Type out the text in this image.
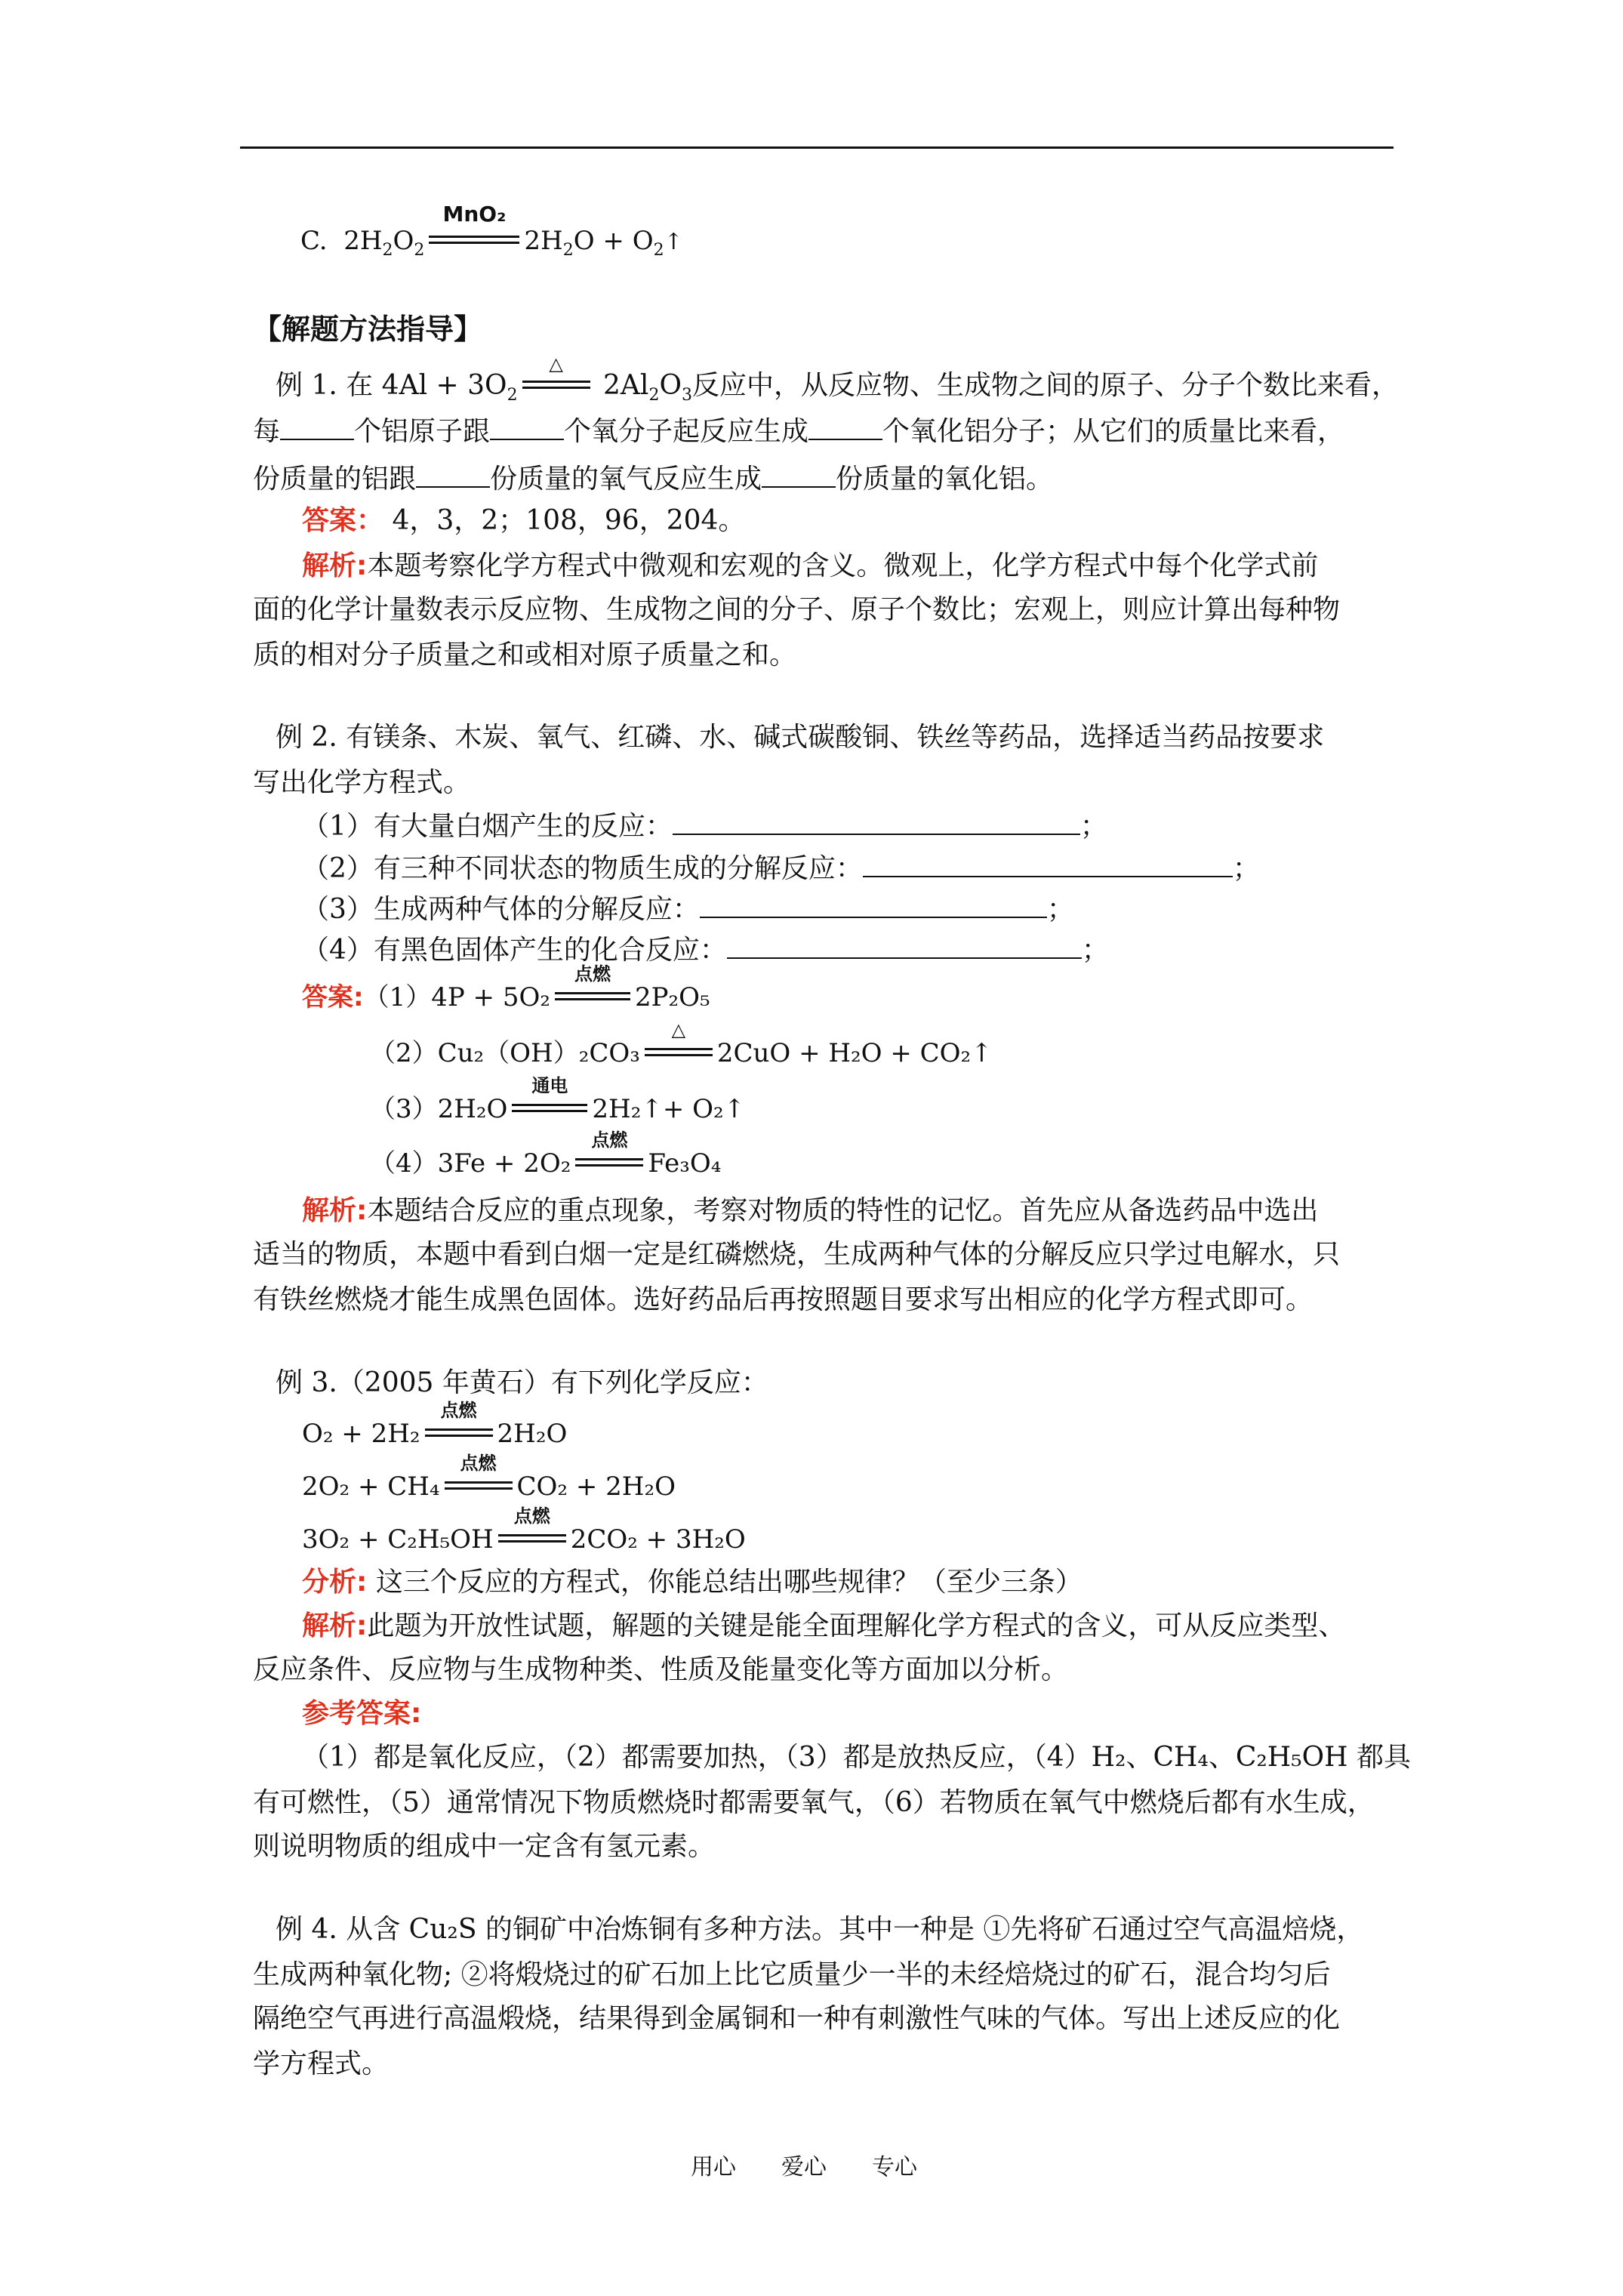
C. $2H_2O_2$
MnO₂
$2H_2O$ + $O_2↑$
【解题方法指导】
例 1. 在 $4Al + 3O_2$
△
$2Al_2O_3$反应中，从反应物、生成物之间的原子、分子个数比来看，
每	个铝原子跟	个氧分子起反应生成	个氧化铝分子；从它们的质量比来看，
份质量的铝跟	份质量的氧气反应生成	份质量的氧化铝。
答案： 4，3，2；108，96，204。
解析:本题考察化学方程式中微观和宏观的含义。微观上，化学方程式中每个化学式前
面的化学计量数表示反应物、生成物之间的分子、原子个数比；宏观上，则应计算出每种物
质的相对分子质量之和或相对原子质量之和。
例 2. 有镁条、木炭、氧气、红磷、水、碱式碳酸铜、铁丝等药品，选择适当药品按要求
写出化学方程式。
（1）有大量白烟产生的反应：	；
（2）有三种不同状态的物质生成的分解反应：	；
（3）生成两种气体的分解反应：	；
（4）有黑色固体产生的化合反应：	；
答案:（1）4P + 5O₂
点燃
2P₂O₅
（2）Cu₂（OH）₂CO₃
△
2CuO + H₂O + CO₂↑
（3）2H₂O
通电
2H₂↑+ O₂↑
（4）3Fe + 2O₂
点燃
Fe₃O₄
解析:本题结合反应的重点现象，考察对物质的特性的记忆。首先应从备选药品中选出
适当的物质，本题中看到白烟一定是红磷燃烧，生成两种气体的分解反应只学过电解水，只
有铁丝燃烧才能生成黑色固体。选好药品后再按照题目要求写出相应的化学方程式即可。
例 3.（2005 年黄石）有下列化学反应：
O₂ + 2H₂
点燃
2H₂O
2O₂ + CH₄
点燃
CO₂ + 2H₂O
3O₂ + C₂H₅OH
点燃
2CO₂ + 3H₂O
分析: 这三个反应的方程式，你能总结出哪些规律？（至少三条）
解析:此题为开放性试题，解题的关键是能全面理解化学方程式的含义，可从反应类型、
反应条件、反应物与生成物种类、性质及能量变化等方面加以分析。
参考答案:
（1）都是氧化反应，（2）都需要加热，（3）都是放热反应，（4）H₂、CH₄、C₂H₅OH 都具
有可燃性，（5）通常情况下物质燃烧时都需要氧气，（6）若物质在氧气中燃烧后都有水生成，
则说明物质的组成中一定含有氢元素。
例 4. 从含 Cu₂S 的铜矿中冶炼铜有多种方法。其中一种是 ①先将矿石通过空气高温焙烧，
生成两种氧化物; ②将煅烧过的矿石加上比它质量少一半的未经焙烧过的矿石，混合均匀后
隔绝空气再进行高温煅烧，结果得到金属铜和一种有刺激性气味的气体。写出上述反应的化
学方程式。
用心 爱心 专心
